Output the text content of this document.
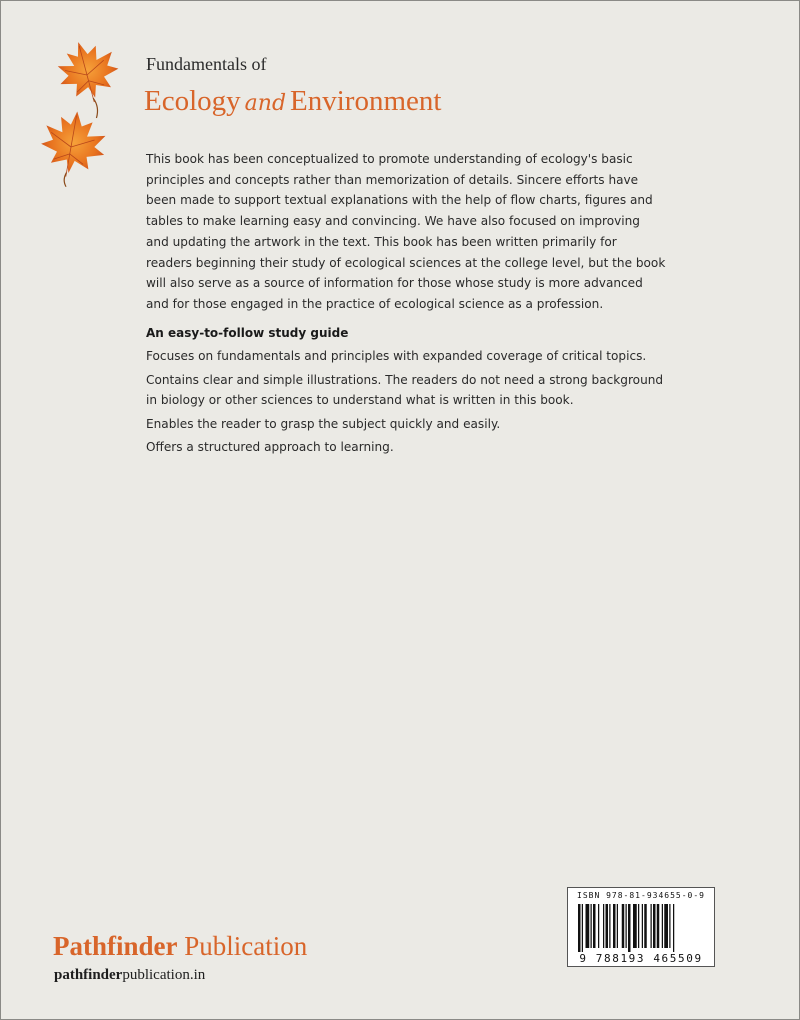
Fundamentals of
Ecology and Environment

This book has been conceptualized to promote understanding of ecology's basic principles and concepts rather than memorization of details. Sincere efforts have been made to support textual explanations with the help of flow charts, figures and tables to make learning easy and convincing. We have also focused on improving and updating the artwork in the text. This book has been written primarily for readers beginning their study of ecological sciences at the college level, but the book will also serve as a source of information for those whose study is more advanced and for those engaged in the practice of ecological science as a profession.

An easy-to-follow study guide
Focuses on fundamentals and principles with expanded coverage of critical topics.
Contains clear and simple illustrations. The readers do not need a strong background in biology or other sciences to understand what is written in this book.
Enables the reader to grasp the subject quickly and easily.
Offers a structured approach to learning.
Pathfinder Publication
pathfinderpublication.in
ISBN 978-81-934655-0-9
9 788193 465509
